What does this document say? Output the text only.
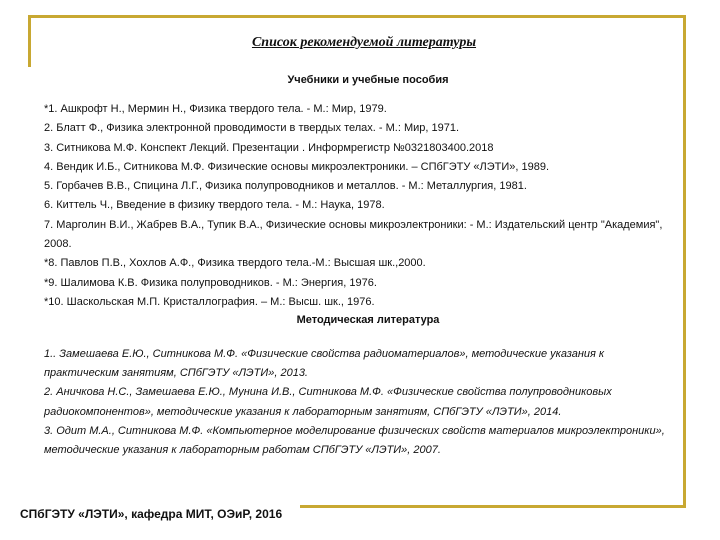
Список рекомендуемой литературы
Учебники и учебные пособия
*1. Ашкрофт Н., Мермин Н., Физика твердого тела. - М.: Мир, 1979.
2. Блатт Ф., Физика электронной проводимости в твердых телах. - М.: Мир, 1971.
3. Ситникова М.Ф. Конспект Лекций. Презентации . Информрегистр №0321803400.2018
4. Вендик И.Б., Ситникова М.Ф. Физические основы микроэлектроники. – СПбГЭТУ «ЛЭТИ», 1989.
5. Горбачев В.В., Спицина Л.Г., Физика полупроводников и металлов. - М.: Металлургия, 1981.
6. Киттель Ч., Введение в физику твердого тела. - М.: Наука, 1978.
7. Марголин В.И., Жабрев В.А., Тупик В.А., Физические основы микроэлектроники: - М.: Издательский центр "Академия", 2008.
*8. Павлов П.В., Хохлов А.Ф., Физика твердого тела.-М.: Высшая шк.,2000.
*9. Шалимова К.В. Физика полупроводников. - М.: Энергия, 1976.
*10. Шаскольская М.П. Кристаллография. – М.: Высш. шк., 1976.
Методическая литература
1.. Замешаева Е.Ю., Ситникова М.Ф. «Физические свойства радиоматериалов», методические указания к практическим занятиям, СПбГЭТУ «ЛЭТИ», 2013.
2. Аничкова Н.С., Замешаева Е.Ю., Мунина И.В., Ситникова М.Ф. «Физические свойства полупроводниковых радиокомпонентов», методические указания к лабораторным занятиям, СПбГЭТУ «ЛЭТИ», 2014.
3. Одит М.А., Ситникова М.Ф. «Компьютерное моделирование физических свойств материалов микроэлектроники», методические указания к лабораторным работам СПбГЭТУ «ЛЭТИ», 2007.
СПбГЭТУ «ЛЭТИ», кафедра МИТ, ОЭиР, 2016
